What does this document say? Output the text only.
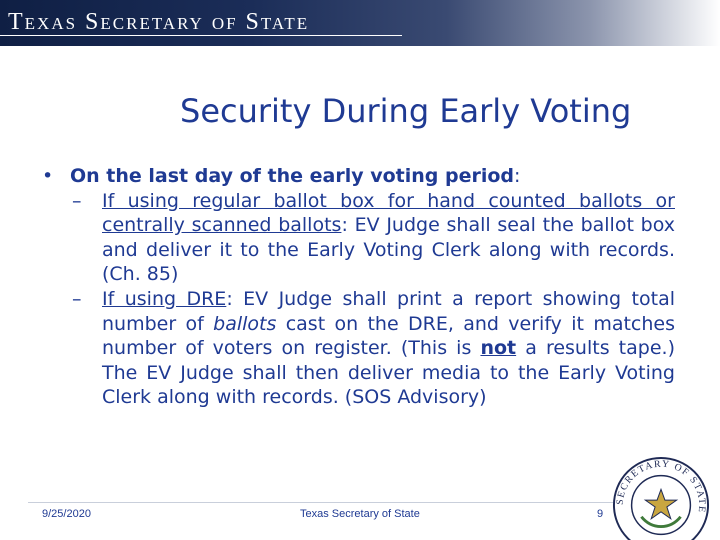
Texas Secretary of State
Security During Early Voting
• On the last day of the early voting period:
– If using regular ballot box for hand counted ballots or centrally scanned ballots: EV Judge shall seal the ballot box and deliver it to the Early Voting Clerk along with records. (Ch. 85)
– If using DRE: EV Judge shall print a report showing total number of ballots cast on the DRE, and verify it matches number of voters on register. (This is not a results tape.) The EV Judge shall then deliver media to the Early Voting Clerk along with records. (SOS Advisory)
9/25/2020	Texas Secretary of State	9
SECRETARY OF STATE
